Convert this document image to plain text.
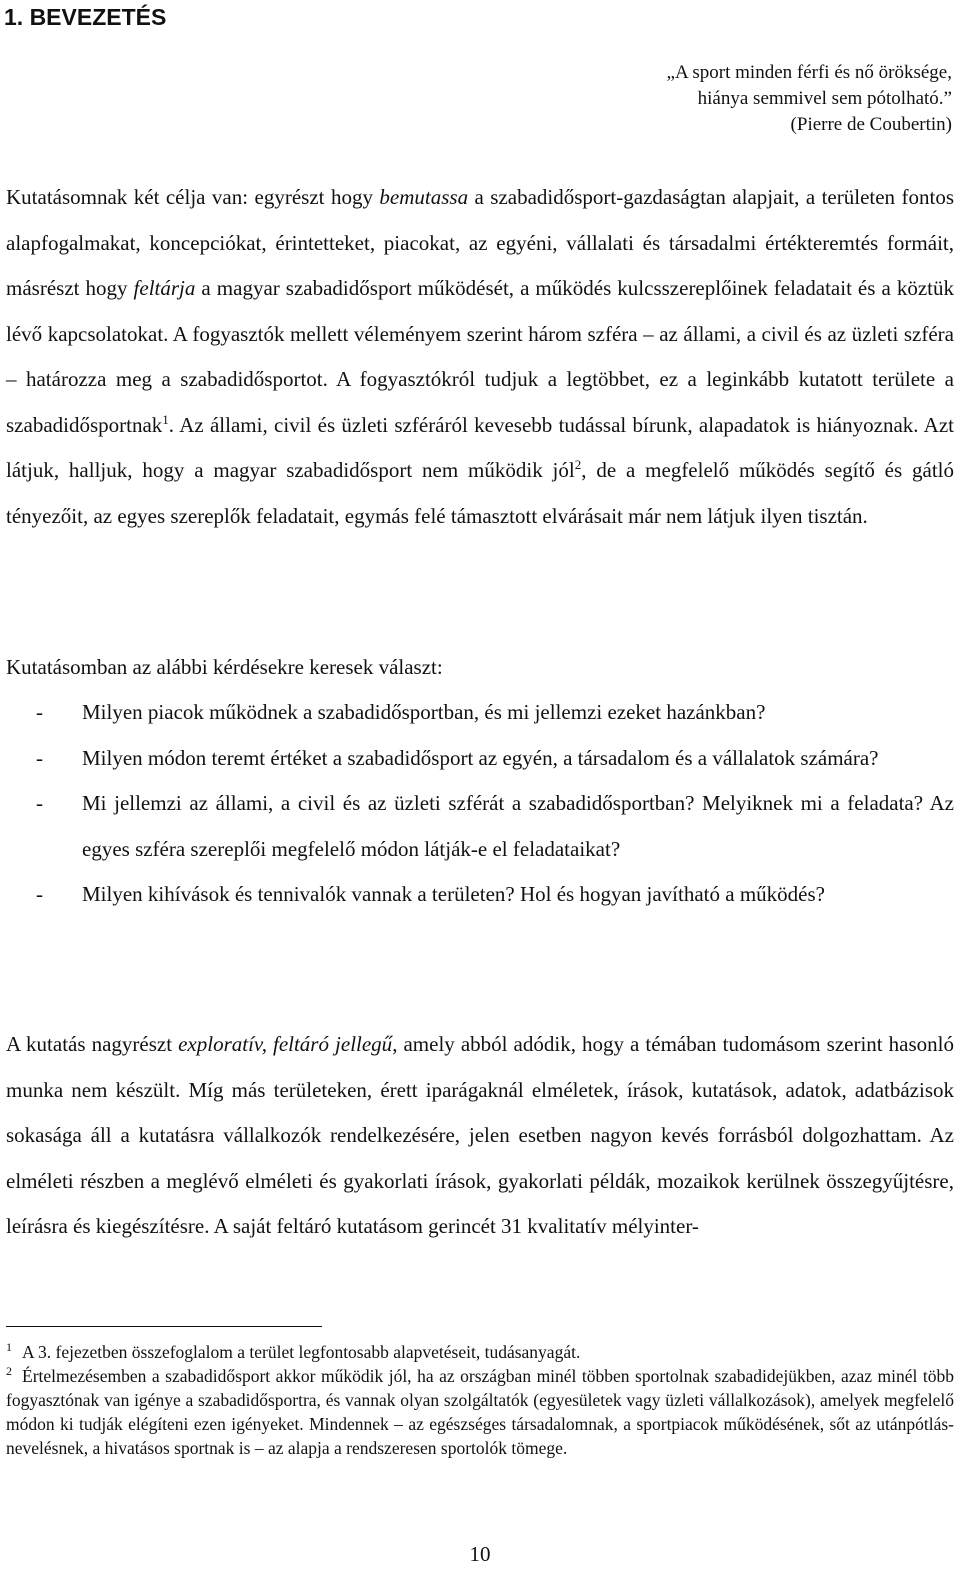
1. BEVEZETÉS
„A sport minden férfi és nő öröksége,
hiánya semmivel sem pótolható.”
(Pierre de Coubertin)

Kutatásomnak két célja van: egyrészt hogy bemutassa a szabadidősport-gazdaságtan alapjait, a területen fontos alapfogalmakat, koncepciókat, érintetteket, piacokat, az egyéni, vállalati és társadalmi értékteremtés formáit, másrészt hogy feltárja a magyar szabadidősport működését, a működés kulcsszereplőinek feladatait és a köztük lévő kapcsolatokat. A fogyasztók mellett véleményem szerint három szféra – az állami, a civil és az üzleti szféra – határozza meg a szabadidősportot. A fogyasztókról tudjuk a legtöbbet, ez a leginkább kutatott területe a szabadidősportnak$^1$. Az állami, civil és üzleti szféráról kevesebb tudással bírunk, alapadatok is hiányoznak. Azt látjuk, halljuk, hogy a magyar szabadidősport nem működik jól$^2$, de a megfelelő működés segítő és gátló tényezőit, az egyes szereplők feladatait, egymás felé támasztott elvárásait már nem látjuk ilyen tisztán.

Kutatásomban az alábbi kérdésekre keresek választ:

- Milyen piacok működnek a szabadidősportban, és mi jellemzi ezeket hazánkban?
- Milyen módon teremt értéket a szabadidősport az egyén, a társadalom és a vállalatok számára?
- Mi jellemzi az állami, a civil és az üzleti szférát a szabadidősportban? Melyiknek mi a feladata? Az egyes szféra szereplői megfelelő módon látják-e el feladataikat?
- Milyen kihívások és tennivalók vannak a területen? Hol és hogyan javítható a működés?

A kutatás nagyrészt exploratív, feltáró jellegű, amely abból adódik, hogy a témában tudomásom szerint hasonló munka nem készült. Míg más területeken, érett iparágaknál elméletek, írások, kutatások, adatok, adatbázisok sokasága áll a kutatásra vállalkozók rendelkezésére, jelen esetben nagyon kevés forrásból dolgozhattam. Az elméleti részben a meglévő elméleti és gyakorlati írások, gyakorlati példák, mozaikok kerülnek összegyűjtésre, leírásra és kiegészítésre. A saját feltáró kutatásom gerincét 31 kvalitatív mélyinter-

$^1$ A 3. fejezetben összefoglalom a terület legfontosabb alapvetéseit, tudásanyagát.

$^2$ Értelmezésemben a szabadidősport akkor működik jól, ha az országban minél többen sportolnak szabadidejükben, azaz minél több fogyasztónak van igénye a szabadidősportra, és vannak olyan szolgáltatók (egyesületek vagy üzleti vállalkozások), amelyek megfelelő módon ki tudják elégíteni ezen igényeket. Mindennek – az egészséges társadalomnak, a sportpiacok működésének, sőt az utánpótlás-nevelésnek, a hivatásos sportnak is – az alapja a rendszeresen sportolók tömege.

10
